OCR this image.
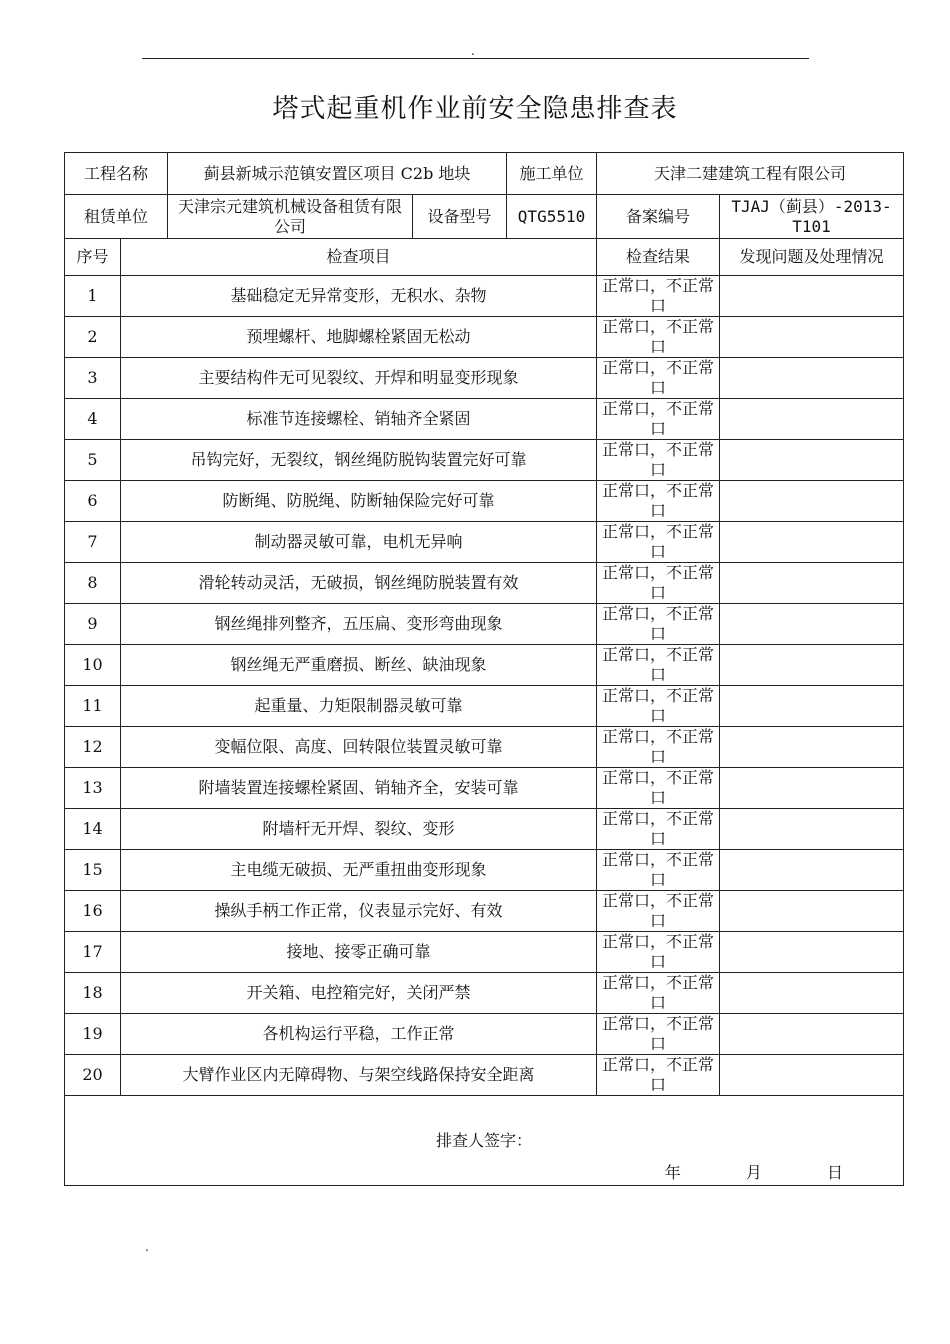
.
塔式起重机作业前安全隐患排查表
工程名称		蓟县新城示范镇安置区项目 C2b 地块		施工单位	天津二建建筑工程有限公司	
租赁单位		天津宗元建筑机械设备租赁有限公司	设备型号	QTG5510	备案编号	TJAJ（蓟县）-2013-T101
序号	检查项目				检查结果	发现问题及处理情况
1	基础稳定无异常变形，无积水、杂物				正常口，不正常口	
2	预埋螺杆、地脚螺栓紧固无松动				正常口，不正常口	
3	主要结构件无可见裂纹、开焊和明显变形现象				正常口，不正常口	
4	标准节连接螺栓、销轴齐全紧固				正常口，不正常口	
5	吊钩完好，无裂纹，钢丝绳防脱钩装置完好可靠				正常口，不正常口	
6	防断绳、防脱绳、防断轴保险完好可靠				正常口，不正常口	
7	制动器灵敏可靠，电机无异响				正常口，不正常口	
8	滑轮转动灵活，无破损，钢丝绳防脱装置有效				正常口，不正常口	
9	钢丝绳排列整齐，五压扁、变形弯曲现象				正常口，不正常口	
10	钢丝绳无严重磨损、断丝、缺油现象				正常口，不正常口	
11	起重量、力矩限制器灵敏可靠				正常口，不正常口	
12	变幅位限、高度、回转限位装置灵敏可靠				正常口，不正常口	
13	附墙装置连接螺栓紧固、销轴齐全，安装可靠				正常口，不正常口	
14	附墙杆无开焊、裂纹、变形				正常口，不正常口	
15	主电缆无破损、无严重扭曲变形现象				正常口，不正常口	
16	操纵手柄工作正常，仪表显示完好、有效				正常口，不正常口	
17	接地、接零正确可靠				正常口，不正常口	
18	开关箱、电控箱完好，关闭严禁				正常口，不正常口	
19	各机构运行平稳，工作正常				正常口，不正常口	
20	大臂作业区内无障碍物、与架空线路保持安全距离				正常口，不正常口	
排查人签字：
年 月 日						
.
